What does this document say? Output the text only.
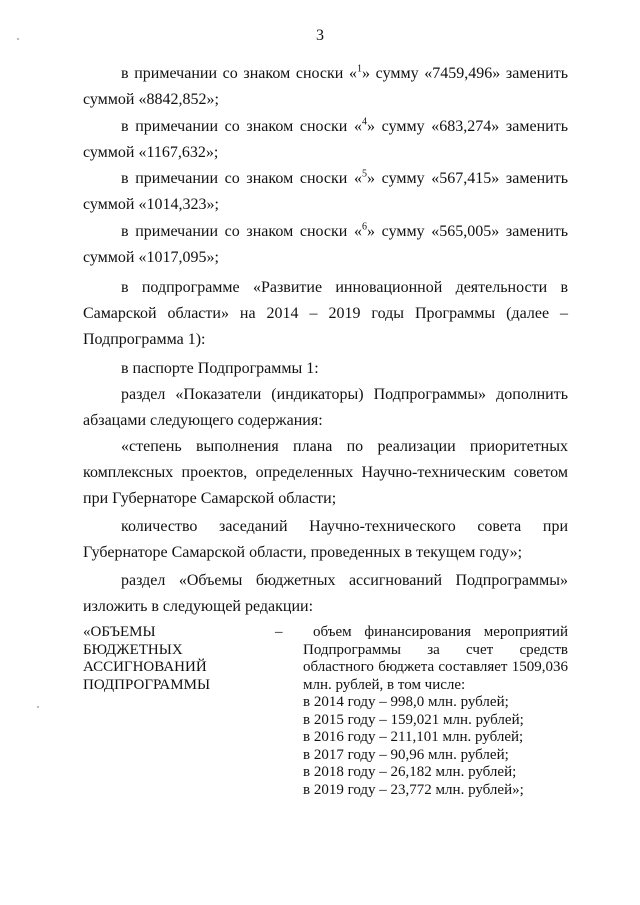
3

в примечании со знаком сноски «$^1$» сумму «7459,496» заменить суммой «8842,852»;

в примечании со знаком сноски «$^4$» сумму «683,274» заменить суммой «1167,632»;

в примечании со знаком сноски «$^5$» сумму «567,415» заменить суммой «1014,323»;

в примечании со знаком сноски «$^6$» сумму «565,005» заменить суммой «1017,095»;

в подпрограмме «Развитие инновационной деятельности в Самарской области» на 2014 – 2019 годы Программы (далее – Подпрограмма 1):

в паспорте Подпрограммы 1:

раздел «Показатели (индикаторы) Подпрограммы» дополнить абзацами следующего содержания:

«степень выполнения плана по реализации приоритетных комплексных проектов, определенных Научно-техническим советом при Губернаторе Самарской области;

количество заседаний Научно-технического совета при Губернаторе Самарской области, проведенных в текущем году»;

раздел «Объемы бюджетных ассигнований Подпрограммы» изложить в следующей редакции:

«ОБЪЕМЫ
БЮДЖЕТНЫХ
АССИГНОВАНИЙ
ПОДПРОГРАММЫ
–	объем финансирования мероприятий Подпрограммы за счет средств областного бюджета составляет 1509,036 млн. рублей, в том числе:
в 2014 году – 998,0 млн. рублей;
в 2015 году – 159,021 млн. рублей;
в 2016 году – 211,101 млн. рублей;
в 2017 году – 90,96 млн. рублей;
в 2018 году – 26,182 млн. рублей;
в 2019 году – 23,772 млн. рублей»;
